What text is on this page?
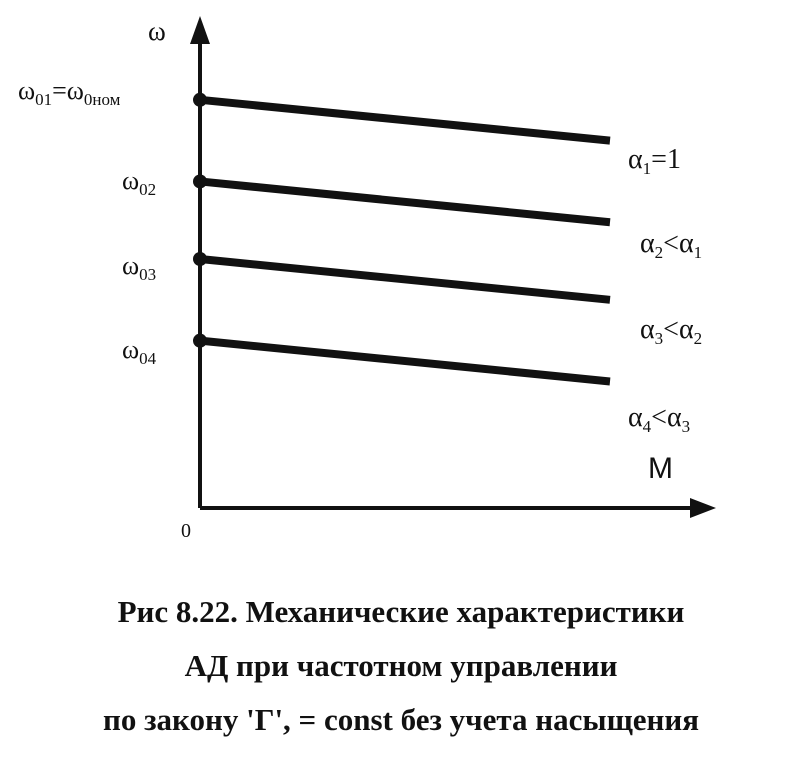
ω
M
0
$\omega_{01}=\omega_{0ном}$
$\omega_{02}$
$\omega_{03}$
$\omega_{04}$
$\alpha_1=1$
$\alpha_2<\alpha_1$
$\alpha_3<\alpha_2$
$\alpha_4<\alpha_3$
Рис 8.22. Механические характеристики
АД при частотном управлении
по закону 'Г', = const без учета насыщения
